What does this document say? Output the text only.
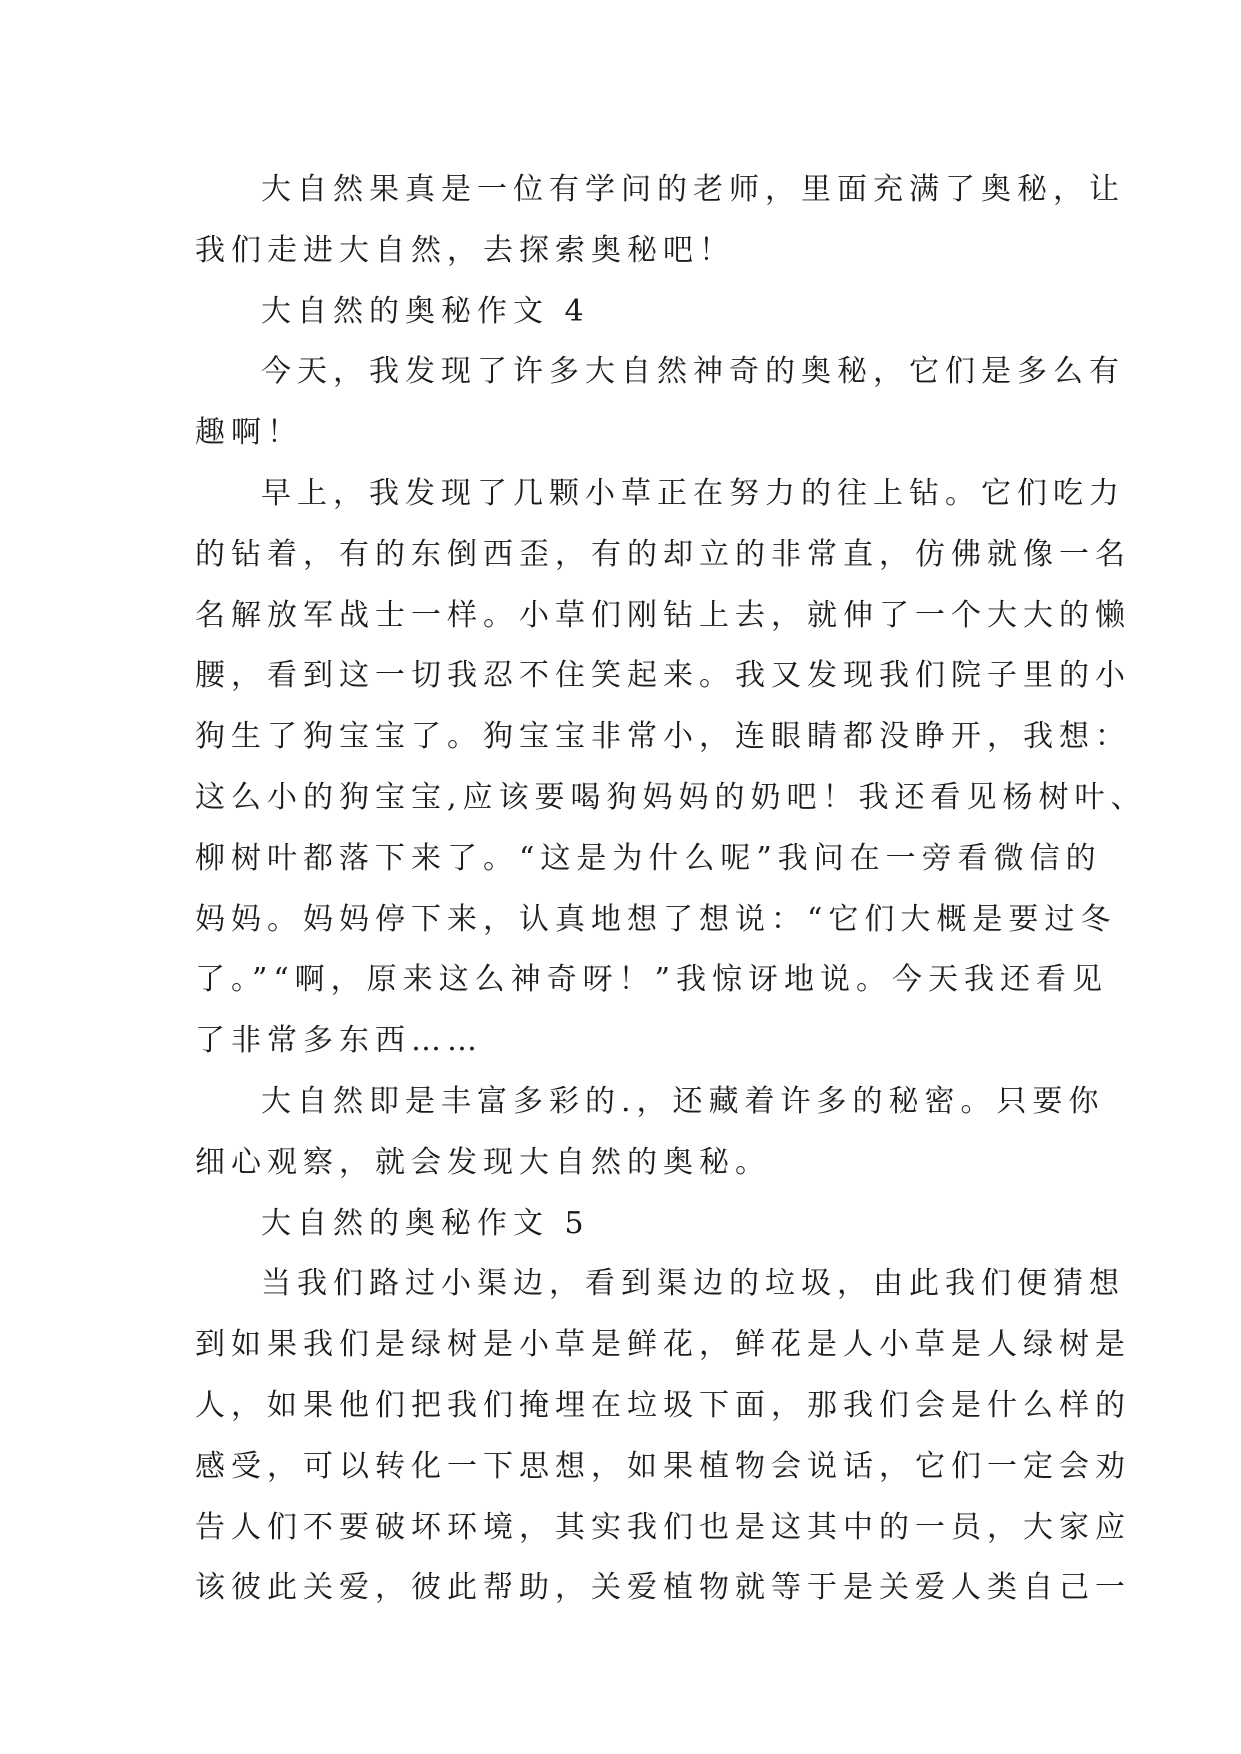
大自然果真是一位有学问的老师，里面充满了奥秘，让
我们走进大自然，去探索奥秘吧！
大自然的奥秘作文 4
今天，我发现了许多大自然神奇的奥秘，它们是多么有
趣啊！
早上，我发现了几颗小草正在努力的往上钻。它们吃力
的钻着，有的东倒西歪，有的却立的非常直，仿佛就像一名
名解放军战士一样。小草们刚钻上去，就伸了一个大大的懒
腰，看到这一切我忍不住笑起来。我又发现我们院子里的小
狗生了狗宝宝了。狗宝宝非常小，连眼睛都没睁开，我想：
这么小的狗宝宝,应该要喝狗妈妈的奶吧！我还看见杨树叶、
柳树叶都落下来了。“这是为什么呢”我问在一旁看微信的
妈妈。妈妈停下来，认真地想了想说：“它们大概是要过冬
了。”“啊，原来这么神奇呀！”我惊讶地说。今天我还看见
了非常多东西……
大自然即是丰富多彩的.，还藏着许多的秘密。只要你
细心观察，就会发现大自然的奥秘。
大自然的奥秘作文 5
当我们路过小渠边，看到渠边的垃圾，由此我们便猜想
到如果我们是绿树是小草是鲜花，鲜花是人小草是人绿树是
人，如果他们把我们掩埋在垃圾下面，那我们会是什么样的
感受，可以转化一下思想，如果植物会说话，它们一定会劝
告人们不要破坏环境，其实我们也是这其中的一员，大家应
该彼此关爱，彼此帮助，关爱植物就等于是关爱人类自己一
